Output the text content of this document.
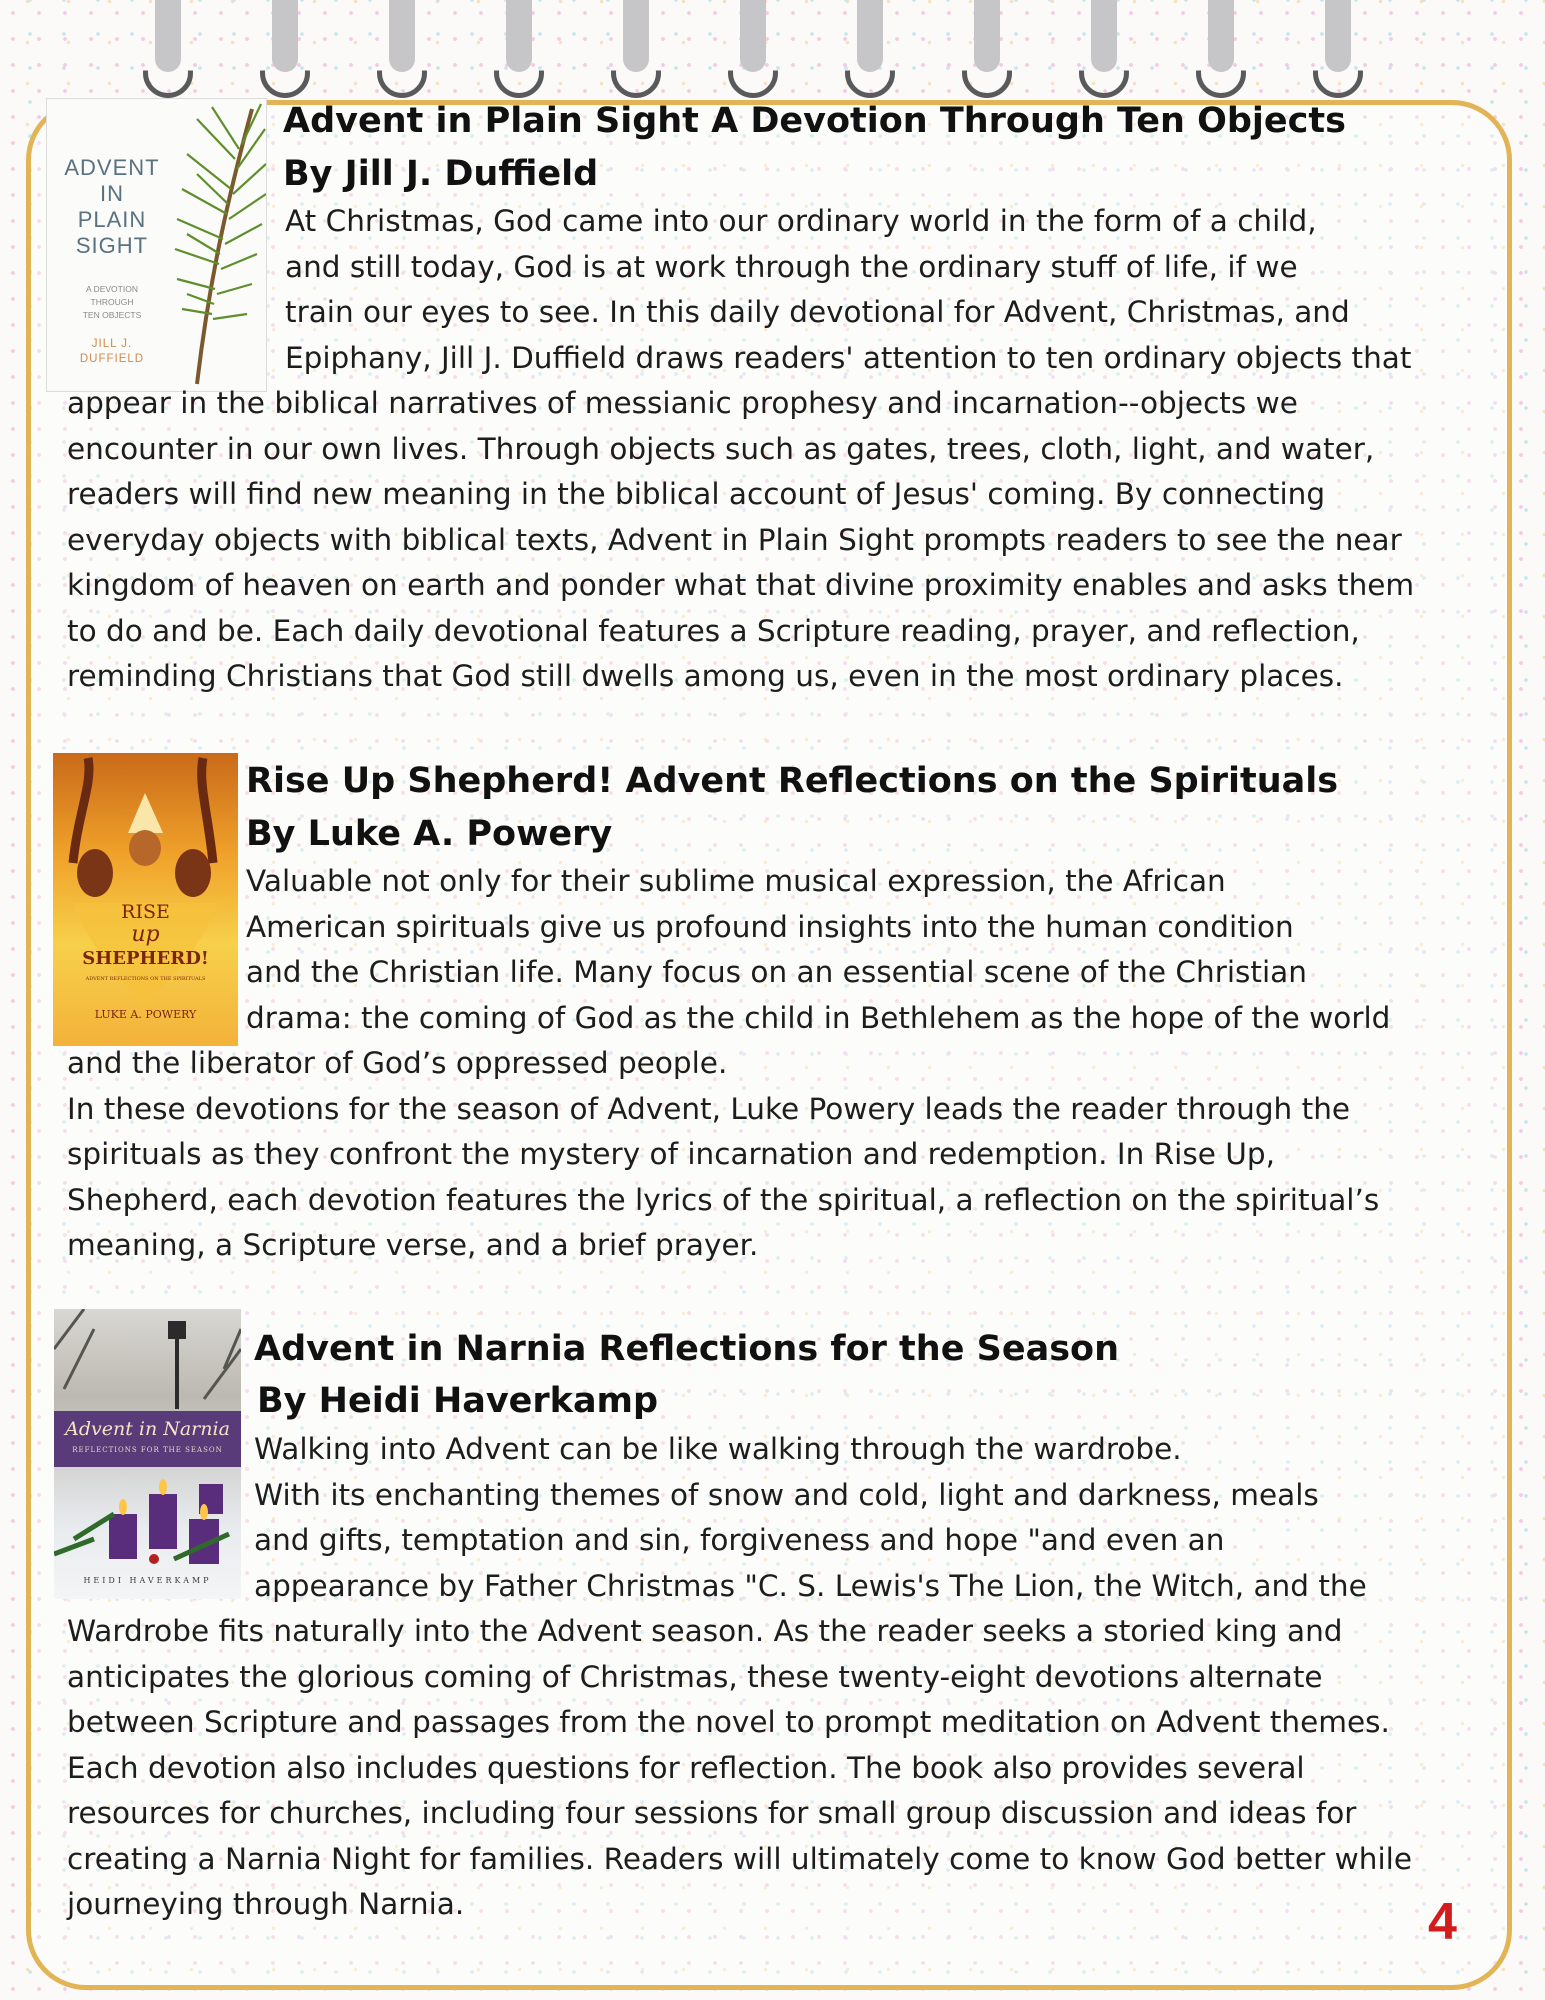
ADVENT
IN
PLAIN
SIGHT
A DEVOTION
THROUGH
TEN OBJECTS
JILL J.
DUFFIELD
Advent in Plain Sight A Devotion Through Ten Objects
By Jill J. Duffield

At Christmas, God came into our ordinary world in the form of a child,
and still today, God is at work through the ordinary stuff of life, if we
train our eyes to see. In this daily devotional for Advent, Christmas, and
Epiphany, Jill J. Duffield draws readers' attention to ten ordinary objects that
appear in the biblical narratives of messianic prophesy and incarnation--objects we
encounter in our own lives. Through objects such as gates, trees, cloth, light, and water,
readers will find new meaning in the biblical account of Jesus' coming. By connecting
everyday objects with biblical texts, Advent in Plain Sight prompts readers to see the near
kingdom of heaven on earth and ponder what that divine proximity enables and asks them
to do and be. Each daily devotional features a Scripture reading, prayer, and reflection,
reminding Christians that God still dwells among us, even in the most ordinary places.

RISE
up
SHEPHERD!
ADVENT REFLECTIONS ON THE SPIRITUALS
LUKE A. POWERY
Rise Up Shepherd! Advent Reflections on the Spirituals
By Luke A. Powery

Valuable not only for their sublime musical expression, the African
American spirituals give us profound insights into the human condition
and the Christian life. Many focus on an essential scene of the Christian
drama: the coming of God as the child in Bethlehem as the hope of the world
and the liberator of God’s oppressed people.
In these devotions for the season of Advent, Luke Powery leads the reader through the
spirituals as they confront the mystery of incarnation and redemption. In Rise Up,
Shepherd, each devotion features the lyrics of the spiritual, a reflection on the spiritual’s
meaning, a Scripture verse, and a brief prayer.

Advent in Narnia
REFLECTIONS FOR THE SEASON
HEIDI HAVERKAMP
Advent in Narnia Reflections for the Season
By Heidi Haverkamp

Walking into Advent can be like walking through the wardrobe.
With its enchanting themes of snow and cold, light and darkness, meals
and gifts, temptation and sin, forgiveness and hope "and even an
appearance by Father Christmas "C. S. Lewis's The Lion, the Witch, and the
Wardrobe fits naturally into the Advent season. As the reader seeks a storied king and
anticipates the glorious coming of Christmas, these twenty-eight devotions alternate
between Scripture and passages from the novel to prompt meditation on Advent themes.
Each devotion also includes questions for reflection. The book also provides several
resources for churches, including four sessions for small group discussion and ideas for
creating a Narnia Night for families. Readers will ultimately come to know God better while
journeying through Narnia.	4
